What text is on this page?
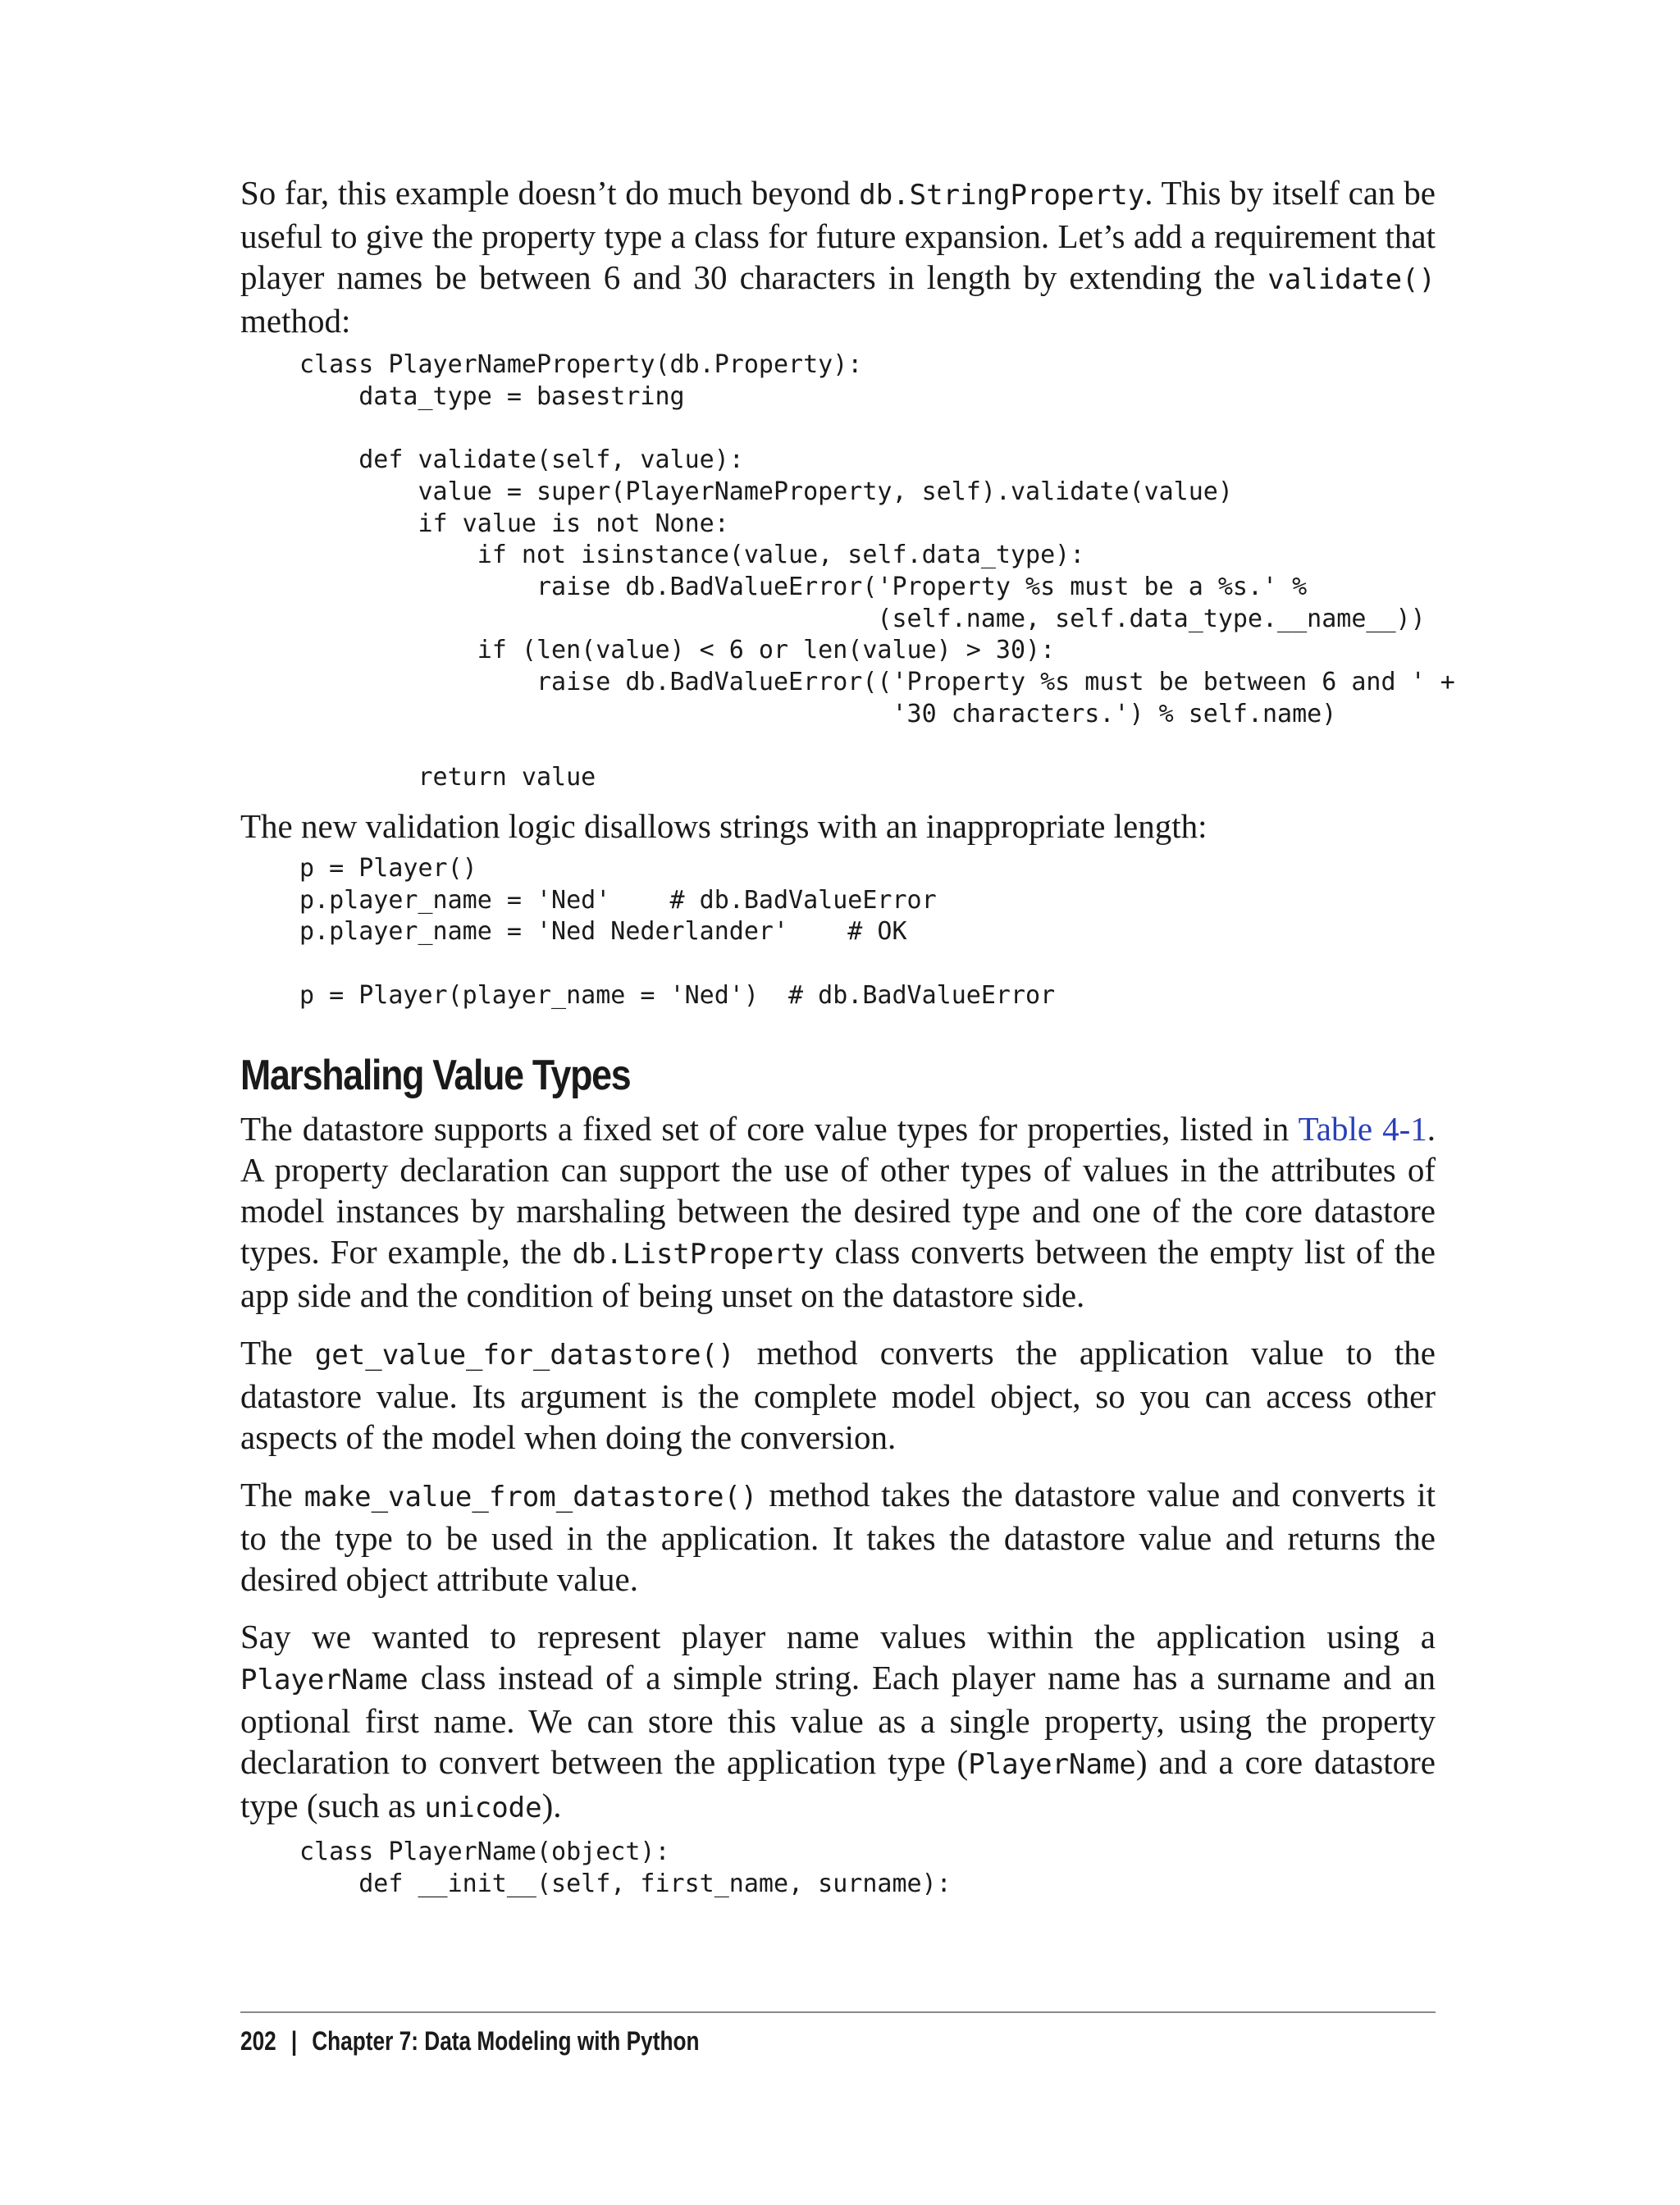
So far, this example doesn’t do much beyond db.StringProperty. This by itself can be useful to give the property type a class for future expansion. Let’s add a requirement that player names be between 6 and 30 characters in length by extending the validate() method:

class PlayerNameProperty(db.Property):
data_type = basestring

def validate(self, value):
value = super(PlayerNameProperty, self).validate(value)
if value is not None:
if not isinstance(value, self.data_type):
raise db.BadValueError('Property %s must be a %s.' %
(self.name, self.data_type.__name__))
if (len(value) < 6 or len(value) > 30):
raise db.BadValueError(('Property %s must be between 6 and ' +
'30 characters.') % self.name)

return value

The new validation logic disallows strings with an inappropriate length:

p = Player()
p.player_name = 'Ned'    # db.BadValueError
p.player_name = 'Ned Nederlander'    # OK

p = Player(player_name = 'Ned')  # db.BadValueError
Marshaling Value Types

The datastore supports a fixed set of core value types for properties, listed in Table 4-1. A property declaration can support the use of other types of values in the attributes of model instances by marshaling between the desired type and one of the core datastore types. For example, the db.ListProperty class converts between the empty list of the app side and the condition of being unset on the datastore side.

The get_value_for_datastore() method converts the application value to the datastore value. Its argument is the complete model object, so you can access other aspects of the model when doing the conversion.

The make_value_from_datastore() method takes the datastore value and converts it to the type to be used in the application. It takes the datastore value and returns the desired object attribute value.

Say we wanted to represent player name values within the application using a PlayerName class instead of a simple string. Each player name has a surname and an optional first name. We can store this value as a single property, using the property declaration to convert between the application type (PlayerName) and a core datastore type (such as unicode).

class PlayerName(object):
def __init__(self, first_name, surname):
202 | Chapter 7: Data Modeling with Python
